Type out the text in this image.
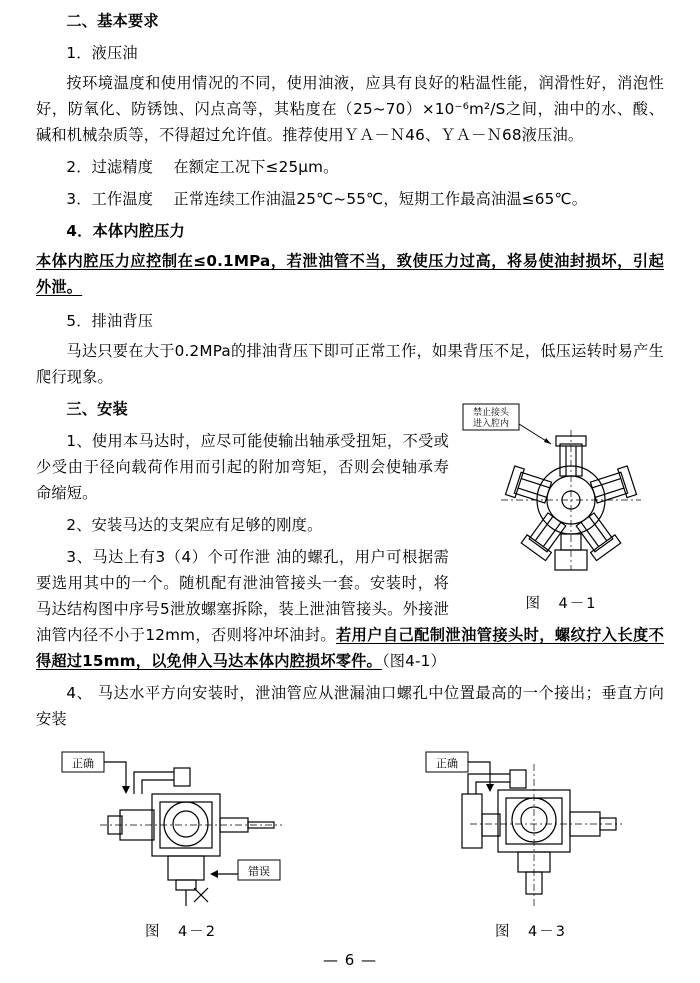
二、基本要求

1．液压油

按环境温度和使用情况的不同，使用油液，应具有良好的粘温性能，润滑性好，消泡性好，防氧化、防锈蚀、闪点高等，其粘度在（25~70）×10⁻⁶m²/S之间，油中的水、酸、碱和机械杂质等，不得超过允许值。推荐使用ＹＡ－Ｎ46、ＹＡ－Ｎ68液压油。

2．过滤精度 在额定工况下≤25μm。

3．工作温度 正常连续工作油温25℃~55℃，短期工作最高油温≤65℃。

4．本体内腔压力

本体内腔压力应控制在≤0.1MPa，若泄油管不当，致使压力过高，将易使油封损坏，引起外泄。

5．排油背压

马达只要在大于0.2MPa的排油背压下即可正常工作，如果背压不足，低压运转时易产生爬行现象。

禁止接头
进入腔内
图　4－1

三、安装

1、使用本马达时，应尽可能使输出轴承受扭矩，不受或少受由于径向载荷作用而引起的附加弯矩，否则会使轴承寿命缩短。

2、安装马达的支架应有足够的刚度。

3、马达上有3（4）个可作泄 油的螺孔，用户可根据需要选用其中的一个。随机配有泄油管接头一套。安装时，将马达结构图中序号5泄放螺塞拆除，装上泄油管接头。外接泄油管内径不小于12mm，否则将冲坏油封。若用户自己配制泄油管接头时，螺纹拧入长度不得超过15mm，以免伸入马达本体内腔损坏零件。（图4-1）

4、 马达水平方向安装时，泄油管应从泄漏油口螺孔中位置最高的一个接出；垂直方向安装

正确
错误
图　4－2
正确
图　4－3
— 6 —
